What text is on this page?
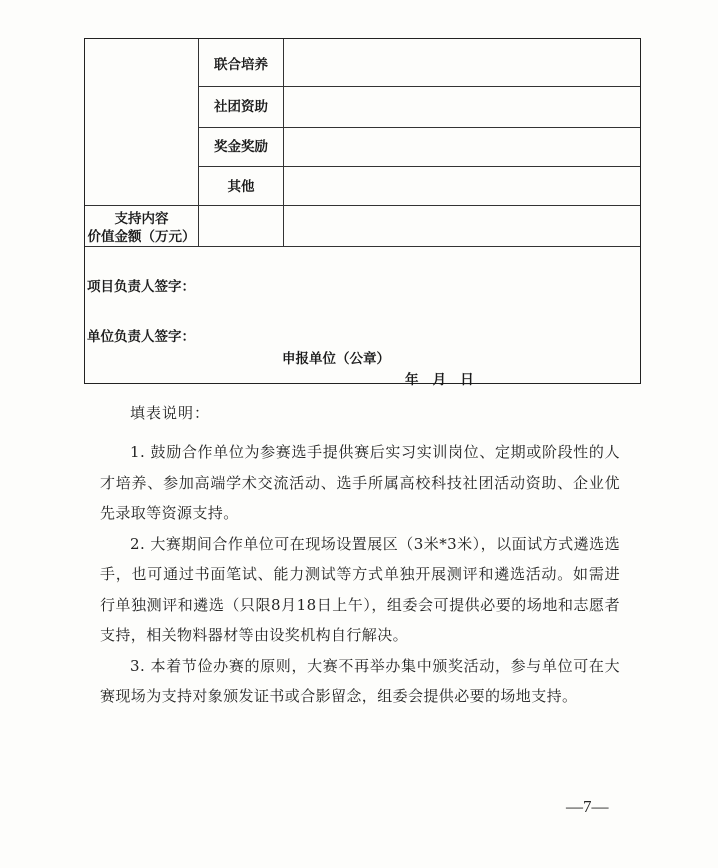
联合培养
社团资助
奖金奖励
其他
支持内容
价值金额（万元）
项目负责人签字：
单位负责人签字：
申报单位（公章）
年   月   日
填表说明：

1. 鼓励合作单位为参赛选手提供赛后实习实训岗位、定期或阶段性的人才培养、参加高端学术交流活动、选手所属高校科技社团活动资助、企业优先录取等资源支持。

2. 大赛期间合作单位可在现场设置展区（3米*3米），以面试方式遴选选手，也可通过书面笔试、能力测试等方式单独开展测评和遴选活动。如需进行单独测评和遴选（只限8月18日上午），组委会可提供必要的场地和志愿者支持，相关物料器材等由设奖机构自行解决。

3. 本着节俭办赛的原则，大赛不再举办集中颁奖活动，参与单位可在大赛现场为支持对象颁发证书或合影留念，组委会提供必要的场地支持。

—7—
